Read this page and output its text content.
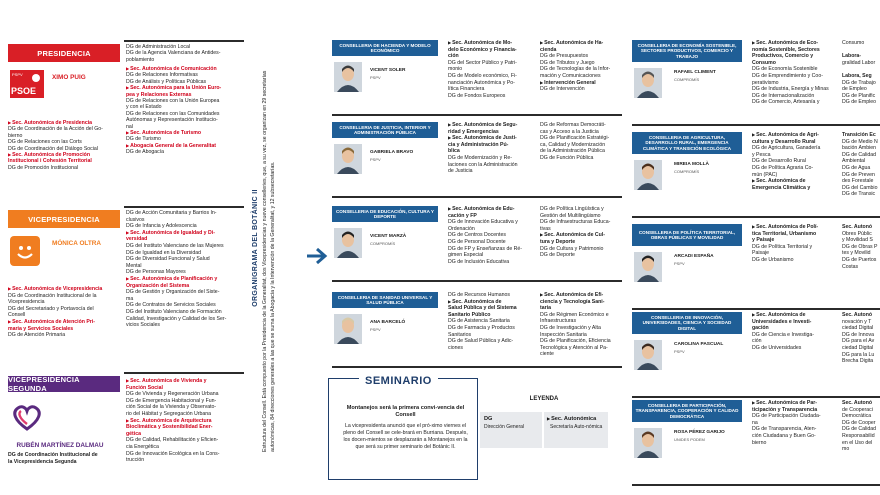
PRESIDENCIA
PSOE
PSPV	XIMO PUIG
VICEPRESIDENCIA
MÓNICA OLTRA
VICEPRESIDENCIA SEGUNDA
RUBÉN MARTÍNEZ DALMAU
DG de Administración Local
DG de la Agencia Valenciana de Antides-
poblamiento
▶ Sec. Autonómica de Presidencia
DG de Coordinación de la Acción del Go-
bierno
DG de Relaciones con las Corts
DG de Coordinación del Diálogo Social
▶ Sec. Autonómica de Promoción
Institucional i Cohesión Territorial
DG de Promoción Institucional
▶ Sec. Autonómica de Comunicación
DG de Relaciones Informativas
DG de Análisis y Políticas Públicas
▶ Sec. Autonómica para la Unión Euro-
pea y Relaciones Externas
DG de Relaciones con la Unión Europea
y con el Estado
DG de Relaciones con las Comunidades
Autónomas y Representación Institucio-
nal
▶ Sec. Autonómica de Turismo
DG de Turismo
▶ Abogacía General de la Generalitat
DG de Abogacía
▶ Sec. Autonómica de Vicepresidencia
DG de Coordinación Institucional de la
Vicepresidencia
DG del Secretariado y Portavocía del
Consell
▶ Sec. Autonómica de Atención Pri-
maria y Servicios Sociales
DG de Atención Primaria
DG de Acción Comunitaria y Barrios In-
clusivos
DG de Infancia y Adolescencia
▶ Sec. Autonómica de Igualdad y Di-
versidad
DG del Instituto Valenciano de las Mujeres
DG de Igualdad en la Diversidad
DG de Diversidad Funcional y Salud
Mental
DG de Personas Mayores
▶ Sec. Autonómica de Planificación y
Organización del Sistema
DG de Gestión y Organización del Siste-
ma
DG de Contratos de Servicios Sociales
DG del Instituto Valenciano de Formación
Calidad, Investigación y Calidad de los Ser-
vicios Sociales
DG de Coordinación Institucional de
la Vicepresidencia Segunda
▶ Sec. Autonómica de Vivienda y
Función Social
DG de Vivienda y Regeneración Urbana
DG de Emergencia Habitacional y Fun-
ción Social de la Vivienda y Observato-
rio del Hábitat y Segregación Urbana
▶ Sec. Autonómica de Arquitectura
Bioclimática y Sostenibilidad Ener-
gética
DG de Calidad, Rehabilitación y Eficien-
cia Energética
DG de Innovación Ecológica en la Cons-
trucción
ORGANIGRAMA DEL BOTÀNIC II Estructura del Consell. Está compuesto por la Presidencia de la Generalitat, dos Vicepresidencias y nueve conselleries, que, a su vez, se organizan en 29 secretarías autonómicas, 84 direcciones generales a las que se suma la Abogacía y la Intervención de la Generalitat, y 12 subsecretarías.
CONSELLERIA DE HACIENDA Y MODELO ECONÓMICO
VICENT SOLER
PSPV
▶ Sec. Autonómica de Mo-
delo Económico y Financia-
ción
DG del Sector Público y Patri-
monio
DG de Modelo económico, Fi-
nanciación Autonómica y Po-
lítica Financiera
DG de Fondos Europeos
▶ Sec. Autonómica de Ha-
cienda
DG de Presupuestos
DG de Tributos y Juego
DG de Tecnologías de la Infor-
mación y Comunicaciones
▶ Intervención General
DG de Intervención
CONSELLERIA DE JUSTICIA, INTERIOR Y ADMINISTRACIÓN PÚBLICA
GABRIELA BRAVO
PSPV
▶ Sec. Autonómica de Segu-
ridad y Emergencias
▶ Sec. Autonómica de Justi-
cia y Administración Pú-
blica
DG de Modernización y Re-
laciones con la Administración
de Justicia
DG de Reformas Democráti-
cas y Acceso a la Justicia
DG de Planificación Estratégi-
ca, Calidad y Modernización
de la Administración Pública
DG de Función Pública
CONSELLERIA DE EDUCACIÓN, CULTURA Y DEPORTE
VICENT MARZÀ
COMPROMÍS
▶ Sec. Autonómica de Edu-
cación y FP
DG de Innovación Educativa y
Ordenación
DG de Centros Docentes
DG de Personal Docente
DG de FP y Enseñanzas de Ré-
gimen Especial
DG de Inclusión Educativa
DG de Política Lingüística y
Gestión del Multilingüismo
DG de Infraestructuras Educa-
tivas
▶ Sec. Autonómica de Cul-
tura y Deporte
DG de Cultura y Patrimonio
DG de Deporte
CONSELLERIA DE SANIDAD UNIVERSAL Y SALUD PÚBLICA
ANA BARCELÓ
PSPV
DG de Recursos Humanos
▶ Sec. Autonómica de
Salud Pública y del Sistema
Sanitario Público
DG de Asistencia Sanitaria
DG de Farmacia y Productos
Sanitarios
DG de Salud Pública y Adic-
ciones
▶ Sec. Autonómica de Efi-
ciencia y Tecnología Sani-
taria
DG de Régimen Económico e
Infraestructuras
DG de Investigación y Alta
Inspección Sanitaria
DG de Planificación, Eficiencia
Tecnológica y Atención al Pa-
ciente
SEMINARIO
Montanejos será la primera convi-vencia del Consell
La vicepresidenta anunció que el pró-ximo viernes el pleno del Consell se cele-brará en Burriana. Después, los docen-mientos se desplazarán a Montanejos en la que será su primer seminario del Botànic II.
LEYENDA
DG
Dirección General
▶ Sec. Autonómica
Secretaría Auto-nómica
CONSELLERIA DE ECONOMÍA SOSTENIBLE, SECTORES PRODUCTIVOS, COMERCIO Y TRABAJO
RAFAEL CLIMENT
COMPROMÍS
▶ Sec. Autonómica de Eco-
nomía Sostenible, Sectores
Productivos, Comercio y
Consumo
DG de Economía Sostenible
DG de Emprendimiento y Coo-
perativismo
DG de Industria, Energía y Minas
DG de Internacionalización
DG de Comercio, Artesanía y
Consumo

Labora-
gralidad Labor

Labora, Seg
DG de Trabajo
de Empleo
DG de Planific
DG de Empleo
CONSELLERIA DE AGRICULTURA, DESARROLLO RURAL, EMERGENCIA CLIMÁTICA Y TRANSICIÓN ECOLÓGICA
MIREIA MOLLÀ
COMPROMÍS
▶ Sec. Autonómica de Agri-
cultura y Desarrollo Rural
DG de Agricultura, Ganadería
y Pesca
DG de Desarrollo Rural
DG de Política Agraria Co-
mún (PAC)
▶ Sec. Autonómica de
Emergencia Climática y
Transición Ec
DG de Medio N
bación Ambien
DG de Calidad
Ambiental
DG de Agua
DG de Preven
des Forestale
DG del Cambio
DG de Transic
CONSELLERIA DE POLÍTICA TERRITORIAL, OBRAS PÚBLICAS Y MOVILIDAD
ARCADI ESPAÑA
PSPV
▶ Sec. Autonómica de Polí-
tica Territorial, Urbanismo
y Paisaje
DG de Política Territorial y
Paisaje
DG de Urbanismo
Sec. Autonó
Obres Públic
y Movilidad S
DG de Obras P
tes y Movilid
DG de Puertos
Costas
CONSELLERIA DE INNOVACIÓN, UNIVERSIDADES, CIENCIA Y SOCIEDAD DIGITAL
CAROLINA PASCUAL
PSPV
▶ Sec. Autonómica de
Universidades e Investi-
gación
DG de Ciencia e Investiga-
ción
DG de Universidades
Sec. Autonó
novación y T
ciedad Digital
DG de Innova
DG para el Av
ciedad Digital
DG para la Lu
Brecha Digita
CONSELLERIA DE PARTICIPACIÓN, TRANSPARENCIA, COOPERACIÓN Y CALIDAD DEMOCRÁTICA
ROSA PÉREZ GARIJO
UNIDES PODEM
▶ Sec. Autonómica de Par-
ticipación y Transparencia
DG de Participación Ciudada-
na
DG de Transparencia, Aten-
ción Ciudadana y Buen Go-
bierno
Sec. Autonó
de Cooperaci
Democrática
DG de Cooper
DG de Calidad
Responsabilid
en el Uso del
mo
